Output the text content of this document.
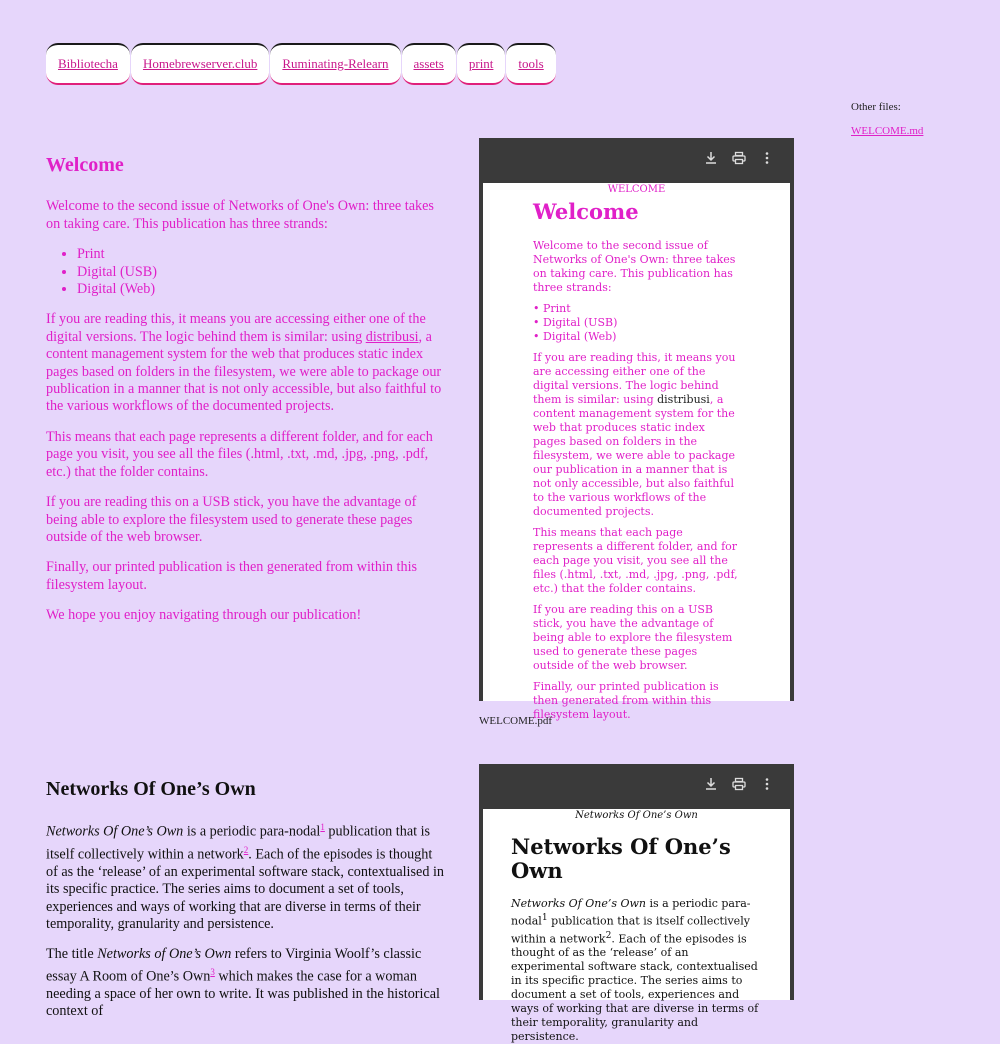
Bibliotecha	Homebrewserver.club	Ruminating-Relearn	assets	print	tools
Other files:
WELCOME.md
Welcome

Welcome to the second issue of Networks of One's Own: three takes on taking care. This publication has three strands:

• Print
• Digital (USB)
• Digital (Web)

If you are reading this, it means you are accessing either one of the digital versions. The logic behind them is similar: using distribusi, a content management system for the web that produces static index pages based on folders in the filesystem, we were able to package our publication in a manner that is not only accessible, but also faithful to the various workflows of the documented projects.

This means that each page represents a different folder, and for each page you visit, you see all the files (.html, .txt, .md, .jpg, .png, .pdf, etc.) that the folder contains.

If you are reading this on a USB stick, you have the advantage of being able to explore the filesystem used to generate these pages outside of the web browser.

Finally, our printed publication is then generated from within this filesystem layout.

We hope you enjoy navigating through our publication!

WELCOME
Welcome

Welcome to the second issue of Networks of One's Own: three takes on taking care. This publication has three strands:

• Print
• Digital (USB)
• Digital (Web)

If you are reading this, it means you are accessing either one of the digital versions. The logic behind them is similar: using distribusi, a content management system for the web that produces static index pages based on folders in the filesystem, we were able to package our publication in a manner that is not only accessible, but also faithful to the various workflows of the documented projects.

This means that each page represents a different folder, and for each page you visit, you see all the files (.html, .txt, .md, .jpg, .png, .pdf, etc.) that the folder contains.

If you are reading this on a USB stick, you have the advantage of being able to explore the filesystem used to generate these pages outside of the web browser.

Finally, our printed publication is then generated from within this filesystem layout.

WELCOME.pdf
Networks Of One’s Own

Networks Of One’s Own is a periodic para-nodal$^1$ publication that is itself collectively within a network$^2$. Each of the episodes is thought of as the ‘release’ of an experimental software stack, contextualised in its specific practice. The series aims to document a set of tools, experiences and ways of working that are diverse in terms of their temporality, granularity and persistence.

The title Networks of One’s Own refers to Virginia Woolf’s classic essay A Room of One’s Own$^3$ which makes the case for a woman needing a space of her own to write. It was published in the historical context of

Networks Of One’s Own
Networks Of One’s Own

Networks Of One’s Own is a periodic para-nodal$^1$ publication that is itself collectively within a network$^2$. Each of the episodes is thought of as the ‘release’ of an experimental software stack, contextualised in its specific practice. The series aims to document a set of tools, experiences and ways of working that are diverse in terms of their temporality, granularity and persistence.
